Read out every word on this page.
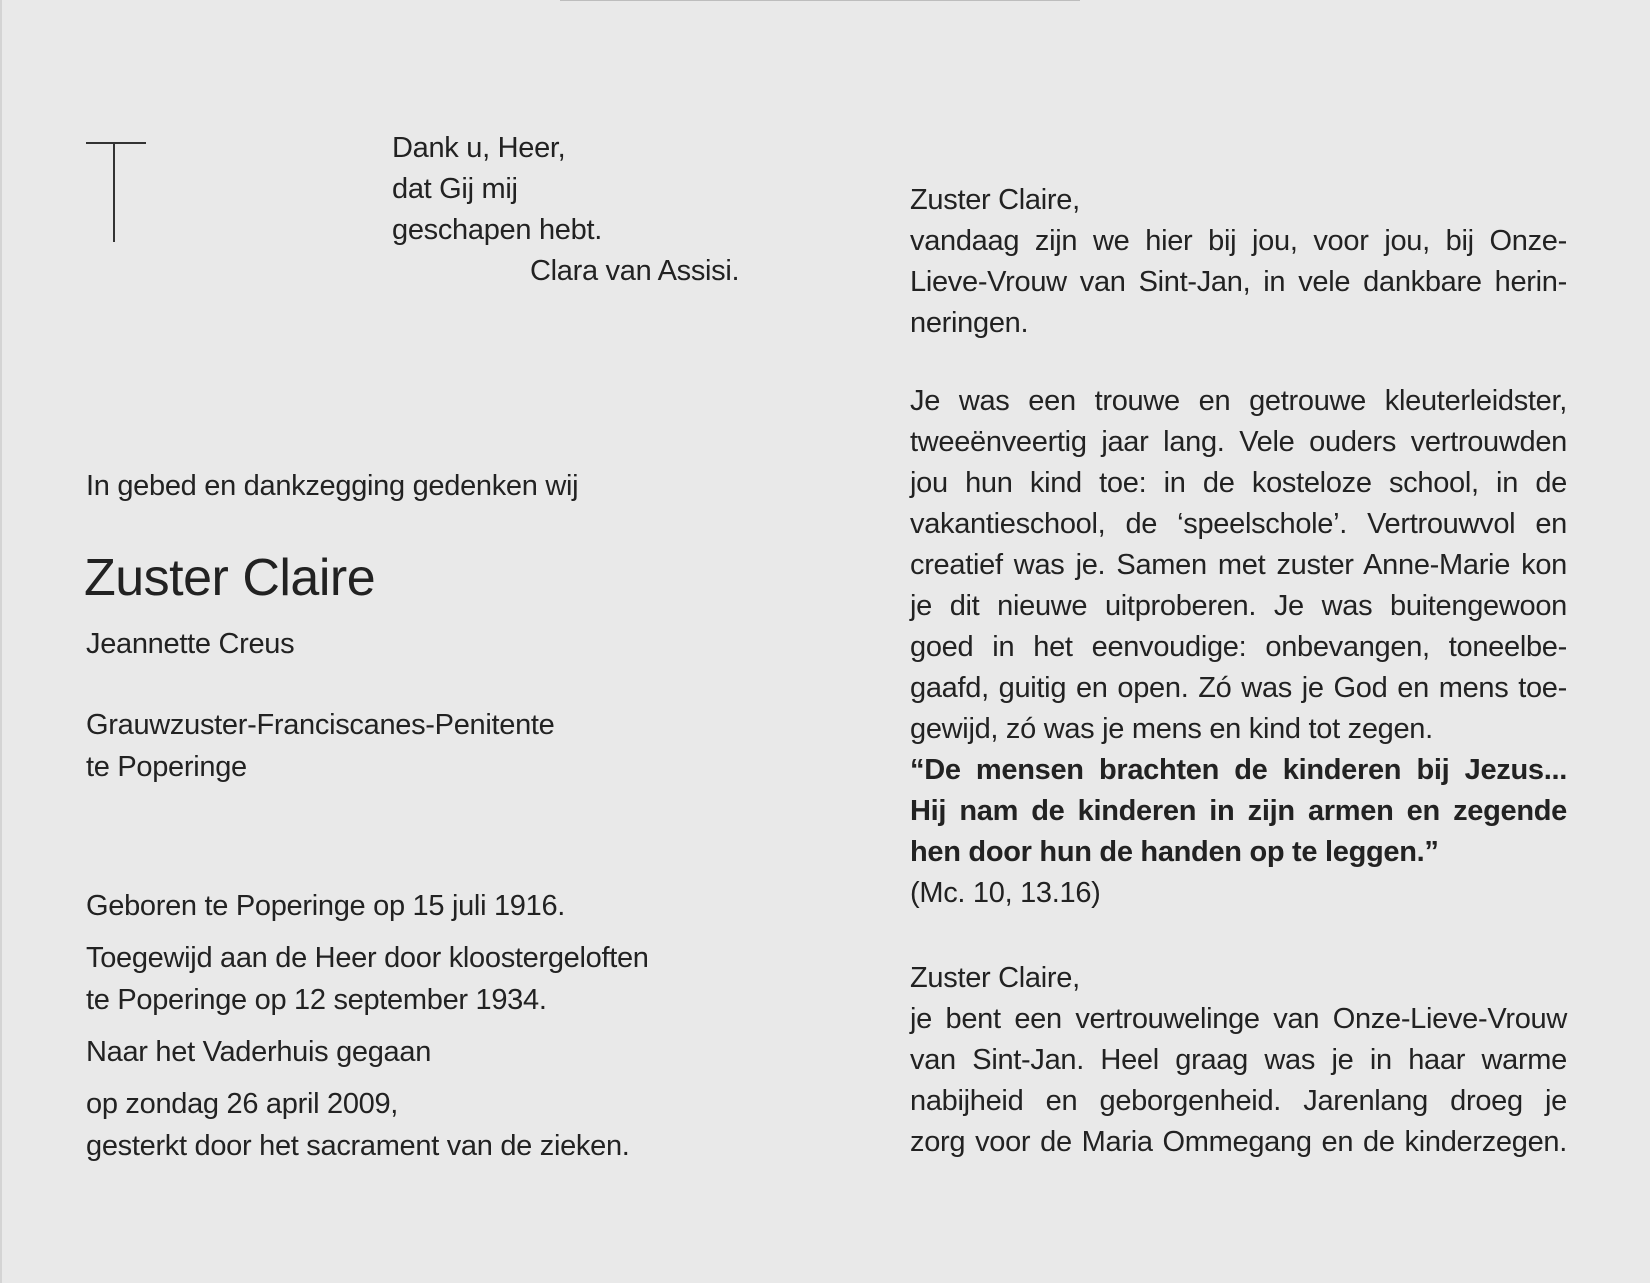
Dank u, Heer,
dat Gij mij
geschapen hebt.
Clara van Assisi.
In gebed en dankzegging gedenken wij
Zuster Claire
Jeannette Creus
Grauwzuster-Franciscanes-Penitente
te Poperinge
Geboren te Poperinge op 15 juli 1916.
Toegewijd aan de Heer door kloostergeloften
te Poperinge op 12 september 1934.
Naar het Vaderhuis gegaan
op zondag 26 april 2009,
gesterkt door het sacrament van de zieken.
Zuster Claire,
vandaag zijn we hier bij jou, voor jou, bij Onze-
Lieve-Vrouw van Sint-Jan, in vele dankbare herin-
neringen.
Je was een trouwe en getrouwe kleuterleidster,
tweeënveertig jaar lang. Vele ouders vertrouwden
jou hun kind toe: in de kosteloze school, in de
vakantieschool, de ‘speelschole’. Vertrouwvol en
creatief was je. Samen met zuster Anne-Marie kon
je dit nieuwe uitproberen. Je was buitengewoon
goed in het eenvoudige: onbevangen, toneelbe-
gaafd, guitig en open. Zó was je God en mens toe-
gewijd, zó was je mens en kind tot zegen.
“De mensen brachten de kinderen bij Jezus...
Hij nam de kinderen in zijn armen en zegende
hen door hun de handen op te leggen.”
(Mc. 10, 13.16)
Zuster Claire,
je bent een vertrouwelinge van Onze-Lieve-Vrouw
van Sint-Jan. Heel graag was je in haar warme
nabijheid en geborgenheid. Jarenlang droeg je
zorg voor de Maria Ommegang en de kinderzegen.
